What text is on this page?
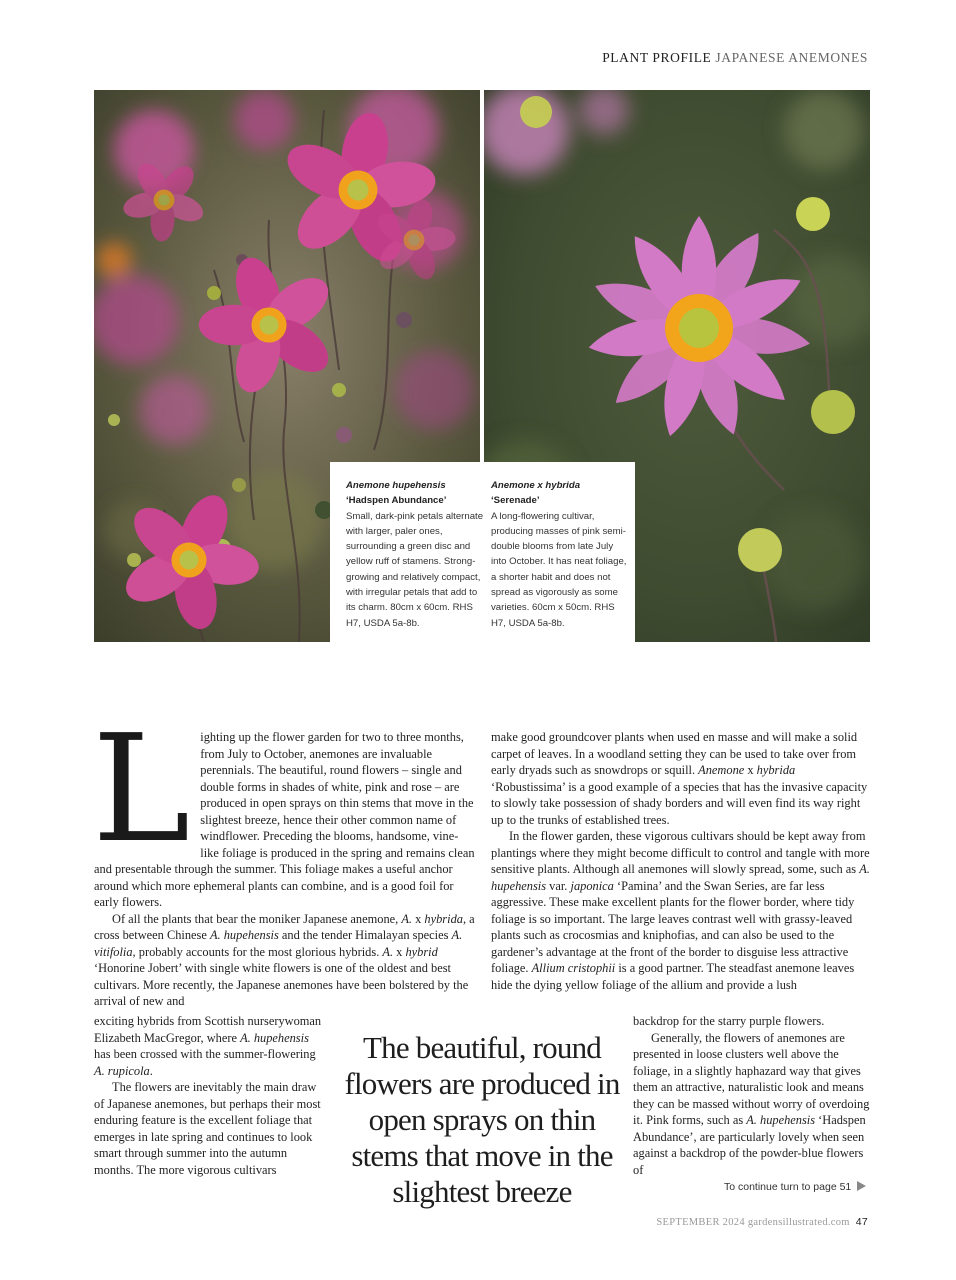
PLANT PROFILE JAPANESE ANEMONES
Anemone hupehensis
‘Hadspen Abundance’
Small, dark-pink petals alternate with larger, paler ones, surrounding a green disc and yellow ruff of stamens. Strong-growing and relatively compact, with irregular petals that add to its charm. 80cm x 60cm. RHS H7, USDA 5a-8b.
Anemone x hybrida
‘Serenade’
A long-flowering cultivar, producing masses of pink semi-double blooms from late July into October. It has neat foliage, a shorter habit and does not spread as vigorously as some varieties. 60cm x 50cm. RHS H7, USDA 5a-8b.
L ighting up the flower garden for two to three months, from July to October, anemones are invaluable perennials. The beautiful, round flowers – single and double forms in shades of white, pink and rose – are produced in open sprays on thin stems that move in the slightest breeze, hence their other common name of windflower. Preceding the blooms, handsome, vine-like foliage is produced in the spring and remains clean and presentable through the summer. This foliage makes a useful anchor around which more ephemeral plants can combine, and is a good foil for early flowers.

Of all the plants that bear the moniker Japanese anemone, A. x hybrida, a cross between Chinese A. hupehensis and the tender Himalayan species A. vitifolia, probably accounts for the most glorious hybrids. A. x hybrid ‘Honorine Jobert’ with single white flowers is one of the oldest and best cultivars. More recently, the Japanese anemones have been bolstered by the arrival of new and

exciting hybrids from Scottish nurserywoman Elizabeth MacGregor, where A. hupehensis has been crossed with the summer-flowering A. rupicola.

The flowers are inevitably the main draw of Japanese anemones, but perhaps their most enduring feature is the excellent foliage that emerges in late spring and continues to look smart through summer into the autumn months. The more vigorous cultivars

make good groundcover plants when used en masse and will make a solid carpet of leaves. In a woodland setting they can be used to take over from early dryads such as snowdrops or squill. Anemone x hybrida ‘Robustissima’ is a good example of a species that has the invasive capacity to slowly take possession of shady borders and will even find its way right up to the trunks of established trees.

In the flower garden, these vigorous cultivars should be kept away from plantings where they might become difficult to control and tangle with more sensitive plants. Although all anemones will slowly spread, some, such as A. hupehensis var. japonica ‘Pamina’ and the Swan Series, are far less aggressive. These make excellent plants for the flower border, where tidy foliage is so important. The large leaves contrast well with grassy-leaved plants such as crocosmias and kniphofias, and can also be used to the gardener’s advantage at the front of the border to disguise less attractive foliage. Allium cristophii is a good partner. The steadfast anemone leaves hide the dying yellow foliage of the allium and provide a lush

backdrop for the starry purple flowers.

Generally, the flowers of anemones are presented in loose clusters well above the foliage, in a slightly haphazard way that gives them an attractive, naturalistic look and means they can be massed without worry of overdoing it. Pink forms, such as A. hupehensis ‘Hadspen Abundance’, are particularly lovely when seen against a backdrop of the powder-blue flowers of

The beautiful, round flowers are produced in open sprays on thin stems that move in the slightest breeze	To continue turn to page 51
SEPTEMBER 2024 gardensillustrated.com 47
